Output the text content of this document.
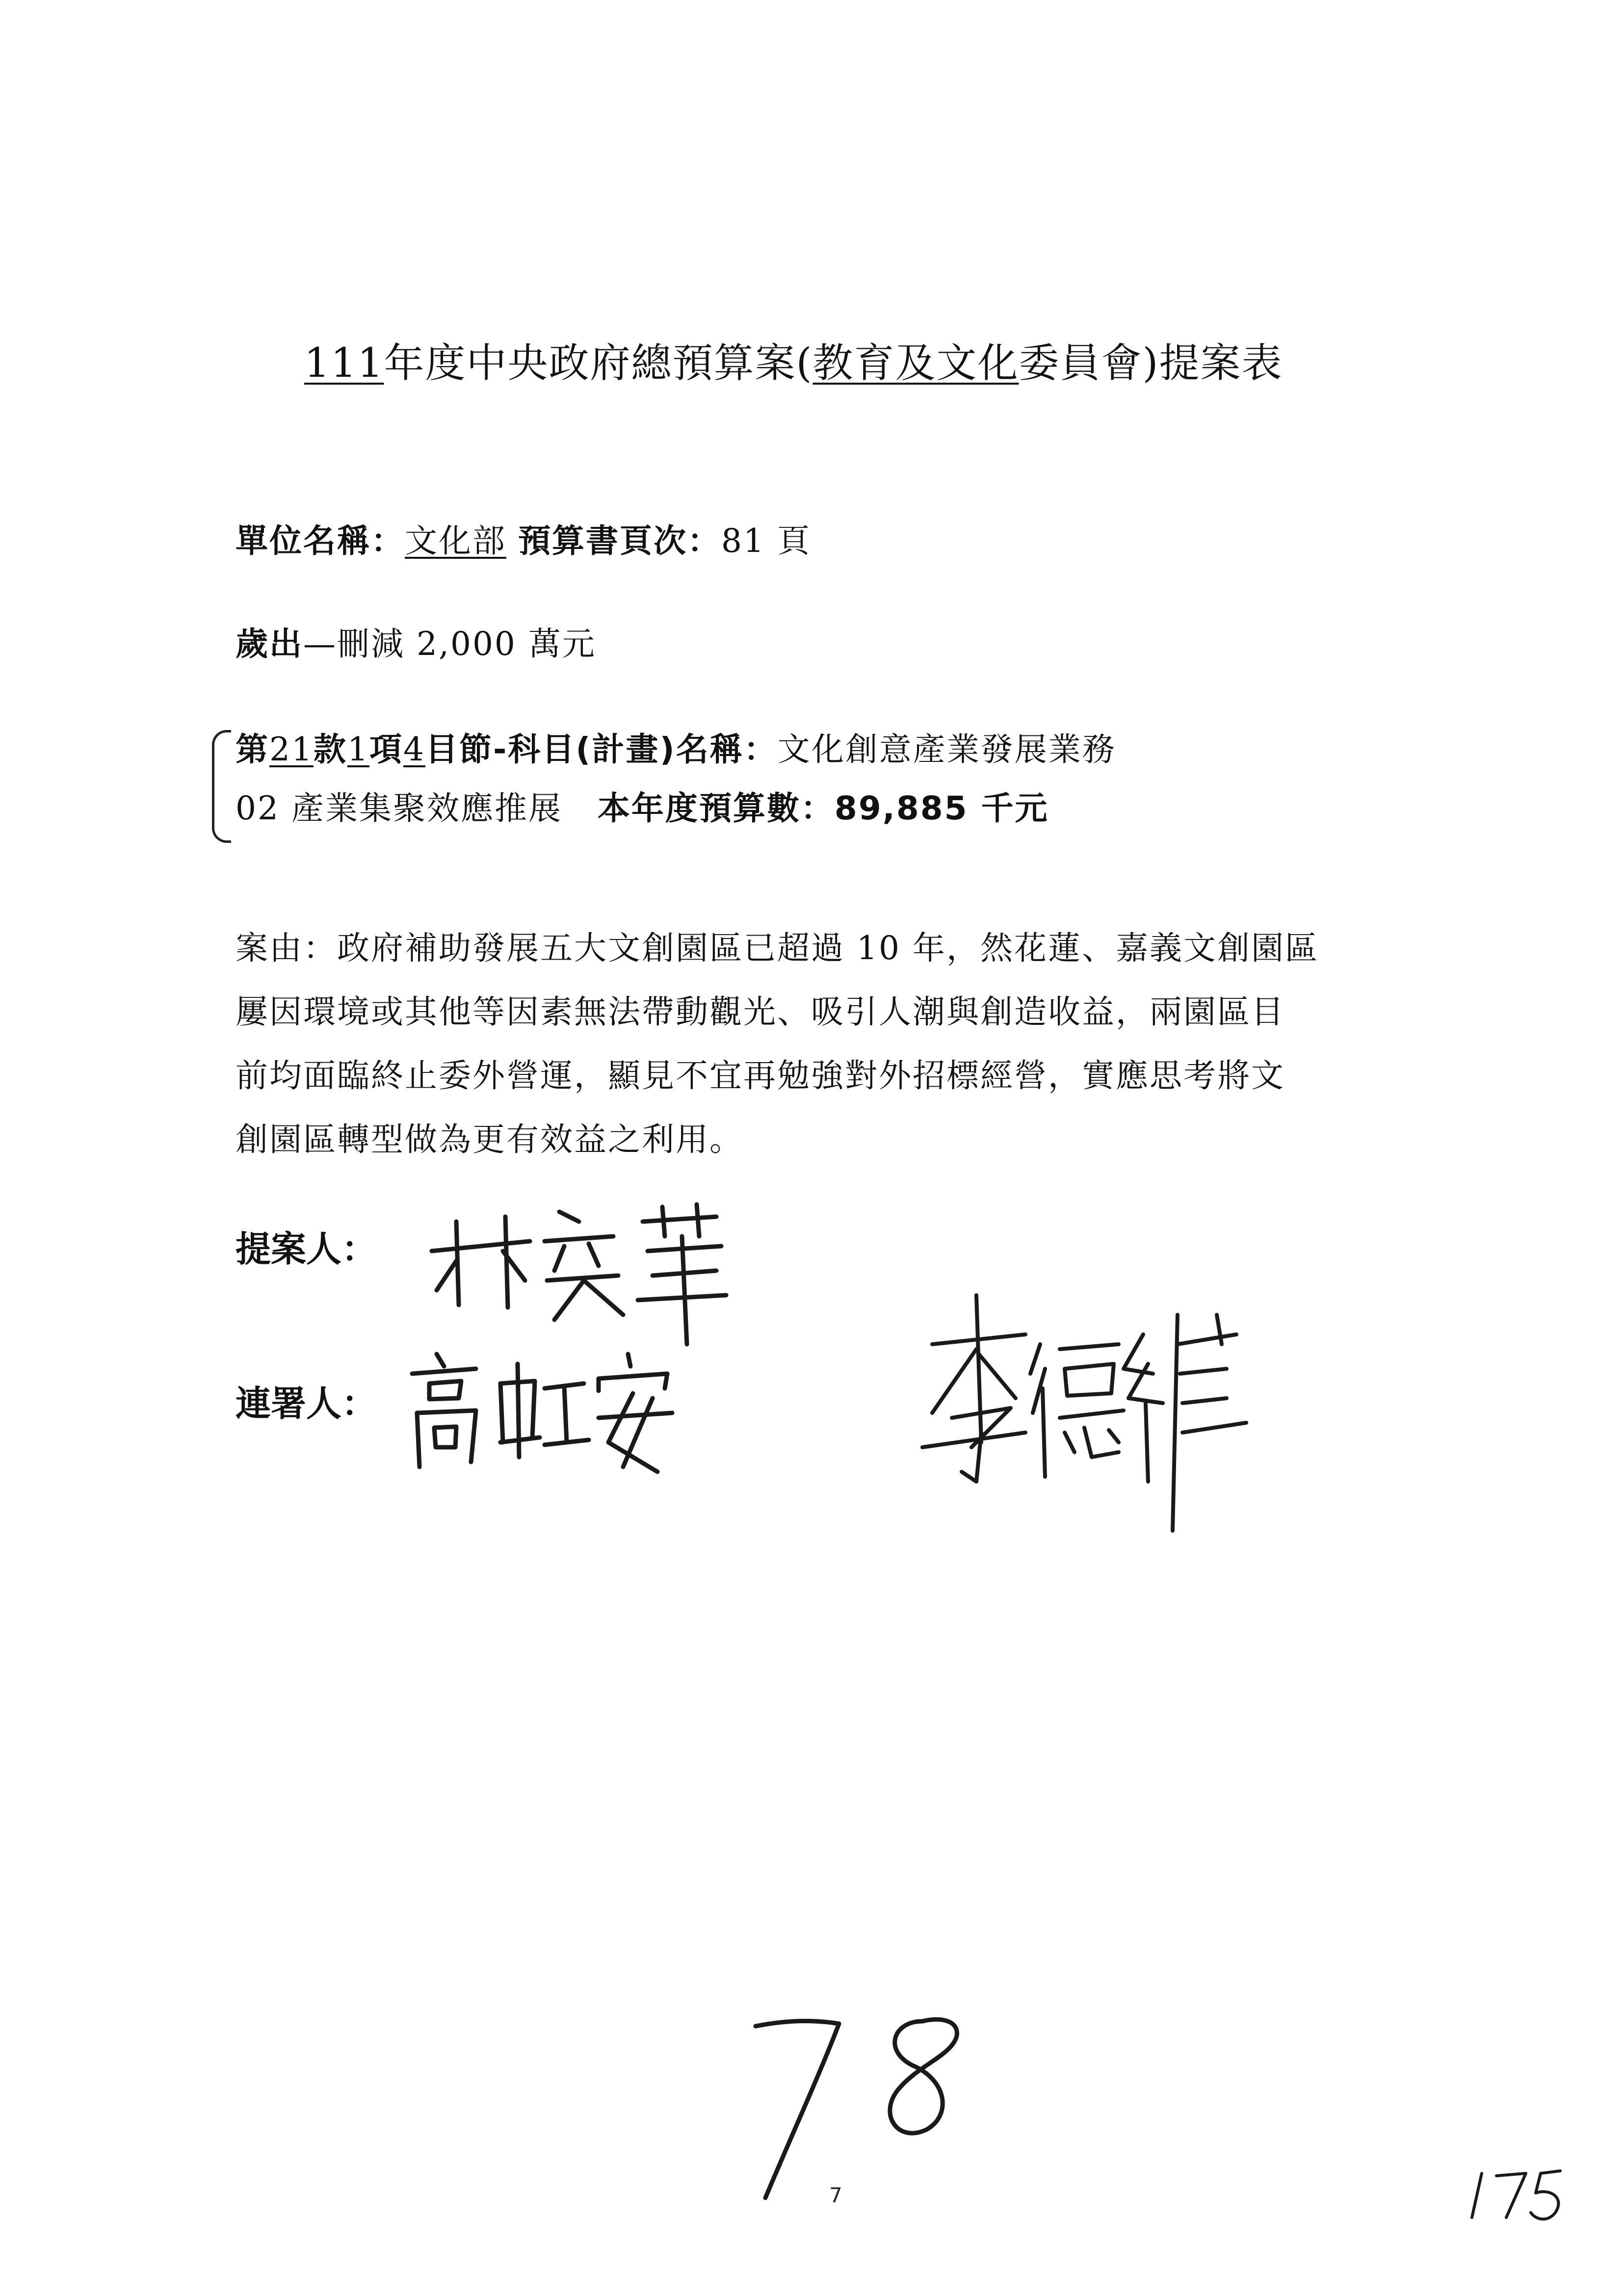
111年度中央政府總預算案(教育及文化委員會)提案表
單位名稱：文化部 預算書頁次：81 頁
歲出—刪減 2,000 萬元
第21款1項4目節-科目(計畫)名稱：文化創意產業發展業務
02 產業集聚效應推展 本年度預算數：89,885 千元
案由：政府補助發展五大文創園區已超過 10 年，然花蓮、嘉義文創園區
屢因環境或其他等因素無法帶動觀光、吸引人潮與創造收益，兩園區目
前均面臨終止委外營運，顯見不宜再勉強對外招標經營，實應思考將文
創園區轉型做為更有效益之利用。
提案人：
連署人：
78
7
175
